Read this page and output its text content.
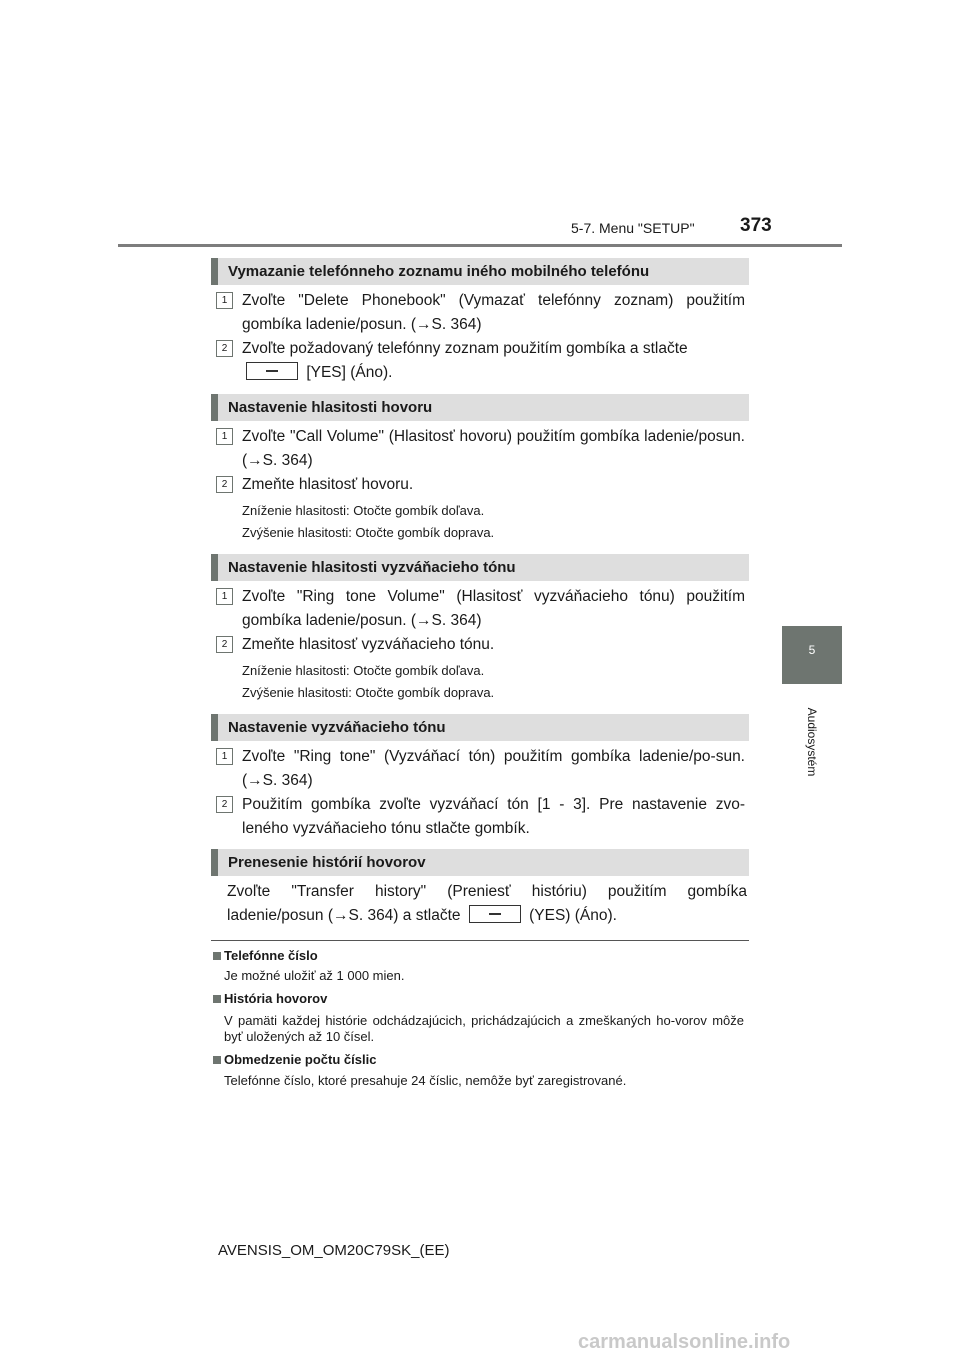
5-7. Menu "SETUP" 373
5
Audiosystém
Vymazanie telefónneho zoznamu iného mobilného telefónu
1 Zvoľte "Delete Phonebook" (Vymazať telefónny zoznam) použitím gombíka ladenie/posun. (→S. 364)
2 Zvoľte požadovaný telefónny zoznam použitím gombíka a stlačte
[YES] (Áno).
Nastavenie hlasitosti hovoru
1 Zvoľte "Call Volume" (Hlasitosť hovoru) použitím gombíka ladenie/posun. (→S. 364)
2 Zmeňte hlasitosť hovoru.
Zníženie hlasitosti: Otočte gombík doľava.
Zvýšenie hlasitosti: Otočte gombík doprava.
Nastavenie hlasitosti vyzváňacieho tónu
1 Zvoľte "Ring tone Volume" (Hlasitosť vyzváňacieho tónu) použitím gombíka ladenie/posun. (→S. 364)
2 Zmeňte hlasitosť vyzváňacieho tónu.
Zníženie hlasitosti: Otočte gombík doľava.
Zvýšenie hlasitosti: Otočte gombík doprava.
Nastavenie vyzváňacieho tónu
1 Zvoľte "Ring tone" (Vyzváňací tón) použitím gombíka ladenie/po-sun. (→S. 364)
2 Použitím gombíka zvoľte vyzváňací tón [1 - 3]. Pre nastavenie zvo-leného vyzváňacieho tónu stlačte gombík.
Prenesenie histórií hovorov
Zvoľte "Transfer history" (Preniesť históriu) použitím gombíka ladenie/posun (→S. 364) a stlačte	(YES) (Áno).
Telefónne číslo
Je možné uložiť až 1 000 mien.
História hovorov
V pamäti každej histórie odchádzajúcich, prichádzajúcich a zmeškaných ho-vorov môže byť uložených až 10 čísel.
Obmedzenie počtu číslic
Telefónne číslo, ktoré presahuje 24 číslic, nemôže byť zaregistrované.
AVENSIS_OM_OM20C79SK_(EE)
carmanualsonline.info
